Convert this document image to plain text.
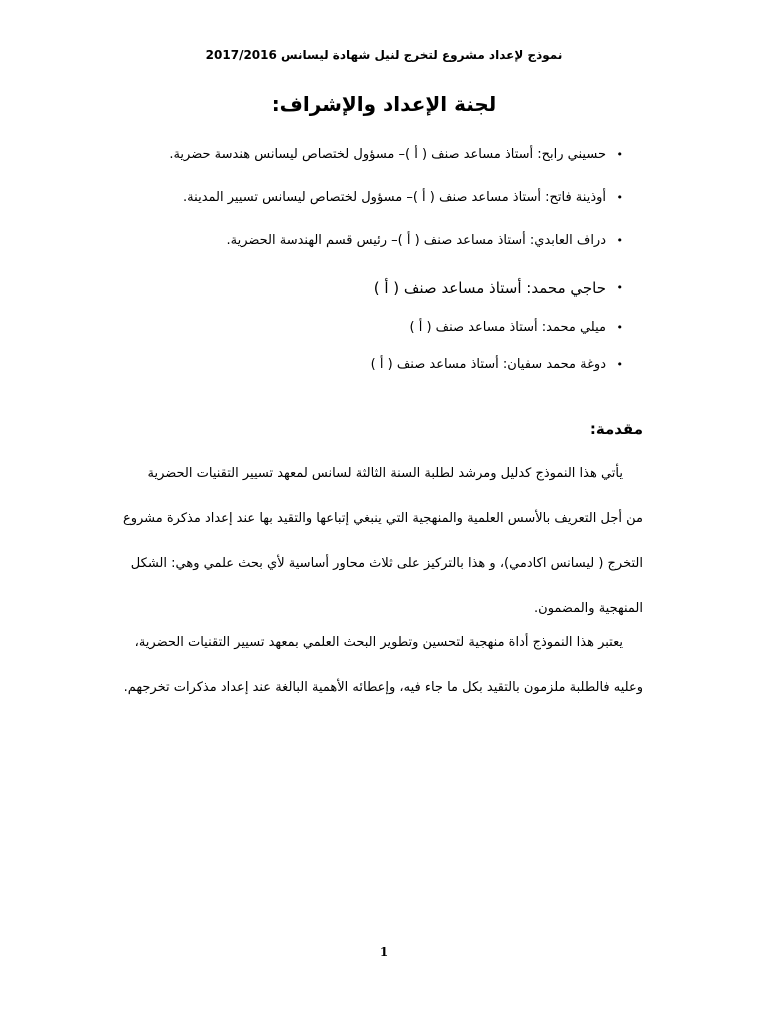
نموذج لإعداد مشروع لتخرج لنيل شهادة ليسانس 2017/2016
لجنة الإعداد والإشراف:
•
حسيني رابح: أستاذ مساعد صنف ( أ )– مسؤول لختصاص ليسانس هندسة حضرية.
•
أوذينة فاتح: أستاذ مساعد صنف ( أ )– مسؤول لختصاص ليسانس تسيير المدينة.
•
دراف العابدي: أستاذ مساعد صنف ( أ )– رئيس قسم الهندسة الحضرية.
•
حاجي محمد: أستاذ مساعد صنف ( أ )
•
ميلي محمد: أستاذ مساعد صنف ( أ )
•
دوغة محمد سفيان: أستاذ مساعد صنف ( أ )
مقدمة:
يأتي هذا النموذج كدليل ومرشد لطلبة السنة الثالثة لسانس لمعهد تسيير التقنيات الحضرية
من أجل التعريف بالأسس العلمية والمنهجية التي ينبغي إتباعها والتقيد بها عند إعداد مذكرة مشروع
التخرج ( ليسانس اكادمي)، و هذا بالتركيز على ثلاث محاور أساسية لأي بحث علمي وهي: الشكل
المنهجية والمضمون.
يعتبر هذا النموذج أداة منهجية لتحسين وتطوير البحث العلمي بمعهد تسيير التقنيات الحضرية،
وعليه فالطلبة ملزمون بالتقيد بكل ما جاء فيه، وإعطائه الأهمية البالغة عند إعداد مذكرات تخرجهم.
1
